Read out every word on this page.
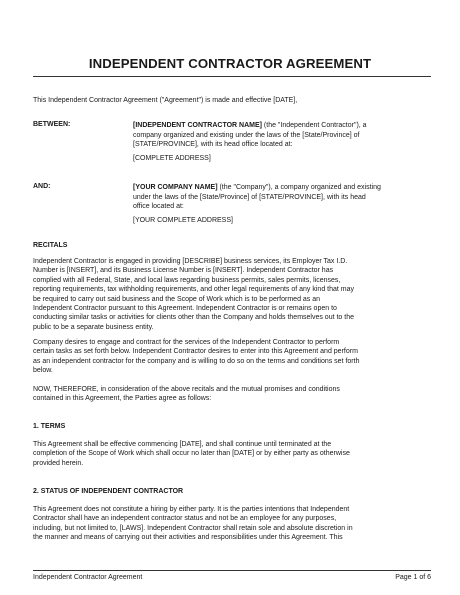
INDEPENDENT CONTRACTOR AGREEMENT

This Independent Contractor Agreement ("Agreement") is made and effective [DATE],

BETWEEN:	[INDEPENDENT CONTRACTOR NAME] (the "Independent Contractor"), a

company organized and existing under the laws of the [State/Province] of

[STATE/PROVINCE], with its head office located at:

[COMPLETE ADDRESS]

AND:	[YOUR COMPANY NAME] (the "Company"), a company organized and existing

under the laws of the [State/Province] of [STATE/PROVINCE], with its head

office located at:

[YOUR COMPLETE ADDRESS]

RECITALS

Independent Contractor is engaged in providing [DESCRIBE] business services, its Employer Tax I.D.

Number is [INSERT], and its Business License Number is [INSERT]. Independent Contractor has

complied with all Federal, State, and local laws regarding business permits, sales permits, licenses,

reporting requirements, tax withholding requirements, and other legal requirements of any kind that may

be required to carry out said business and the Scope of Work which is to be performed as an

Independent Contractor pursuant to this Agreement. Independent Contractor is or remains open to

conducting similar tasks or activities for clients other than the Company and holds themselves out to the

public to be a separate business entity.

Company desires to engage and contract for the services of the Independent Contractor to perform

certain tasks as set forth below. Independent Contractor desires to enter into this Agreement and perform

as an independent contractor for the company and is willing to do so on the terms and conditions set forth

below.

NOW, THEREFORE, in consideration of the above recitals and the mutual promises and conditions

contained in this Agreement, the Parties agree as follows:

1. TERMS

This Agreement shall be effective commencing [DATE], and shall continue until terminated at the

completion of the Scope of Work which shall occur no later than [DATE] or by either party as otherwise

provided herein.

2. STATUS OF INDEPENDENT CONTRACTOR

This Agreement does not constitute a hiring by either party. It is the parties intentions that Independent

Contractor shall have an independent contractor status and not be an employee for any purposes,

including, but not limited to, [LAWS]. Independent Contractor shall retain sole and absolute discretion in

the manner and means of carrying out their activities and responsibilities under this Agreement. This

Independent Contractor Agreement	Page 1 of 6
